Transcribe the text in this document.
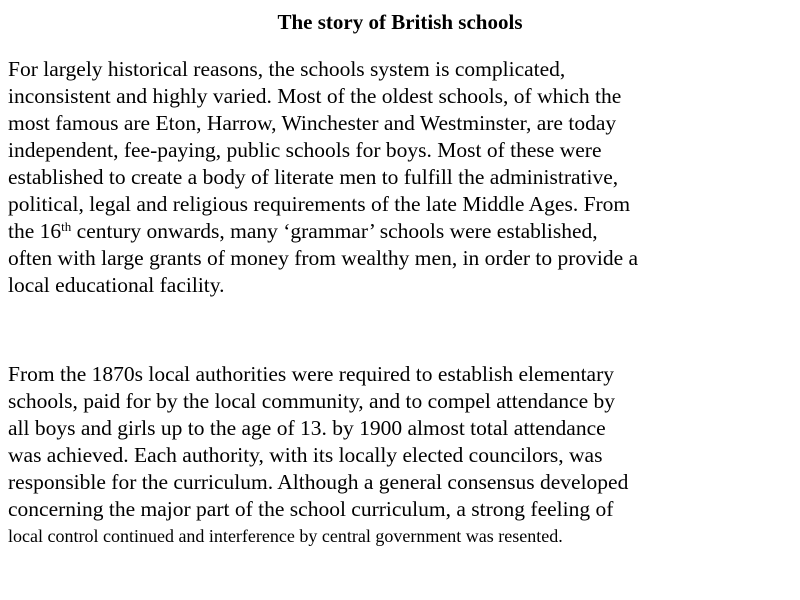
The story of British schools

For largely historical reasons, the schools system is complicated,
inconsistent and highly varied. Most of the oldest schools, of which the
most famous are Eton, Harrow, Winchester and Westminster, are today
independent, fee-paying, public schools for boys. Most of these were
established to create a body of literate men to fulfill the administrative,
political, legal and religious requirements of the late Middle Ages. From
the 16th century onwards, many ‘grammar’ schools were established,
often with large grants of money from wealthy men, in order to provide a
local educational facility.

From the 1870s local authorities were required to establish elementary
schools, paid for by the local community, and to compel attendance by
all boys and girls up to the age of 13. by 1900 almost total attendance
was achieved. Each authority, with its locally elected councilors, was
responsible for the curriculum. Although a general consensus developed
concerning the major part of the school curriculum, a strong feeling of
local control continued and interference by central government was resented.
